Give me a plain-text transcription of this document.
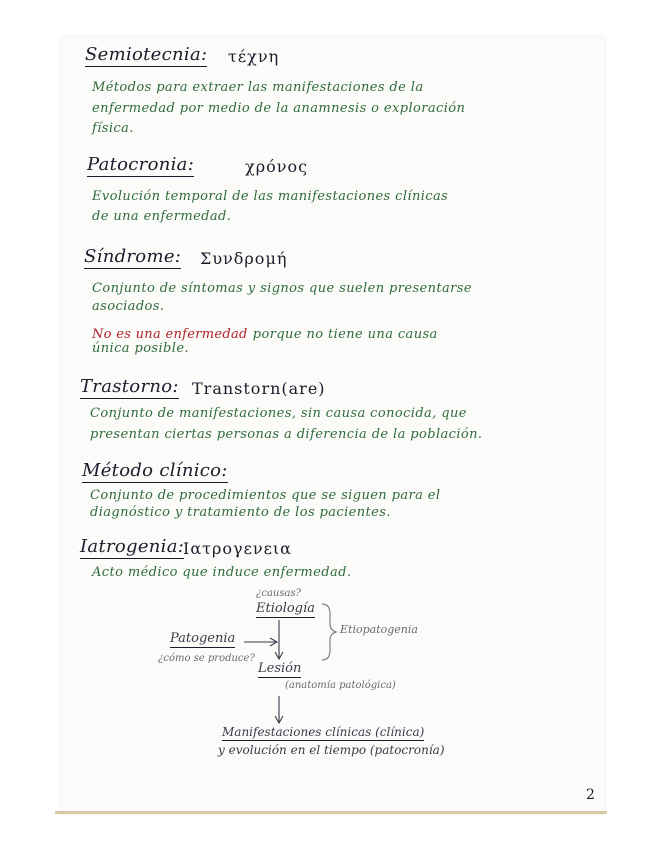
Semiotecnia: τέχνη
Métodos para extraer las manifestaciones de la
enfermedad por medio de la anamnesis o exploración
física.
Patocronia:	χρόνος
Evolución temporal de las manifestaciones clínicas
de una enfermedad.
Síndrome: Συνδρομή
Conjunto de síntomas y signos que suelen presentarse
asociados.
No es una enfermedad porque no tiene una causa
única posible.
Trastorno: Transtorn(are)
Conjunto de manifestaciones, sin causa conocida, que
presentan ciertas personas a diferencia de la población.
Método clínico:
Conjunto de procedimientos que se siguen para el
diagnóstico y tratamiento de los pacientes.
Iatrogenia:
Ιατρογενεια
Acto médico que induce enfermedad.
¿causas?
Etiología
Patogenia
¿cómo se produce?
Etiopatogenia
Lesión
(anatomía patológica)
Manifestaciones clínicas (clínica)
y evolución en el tiempo (patocronía)
2
